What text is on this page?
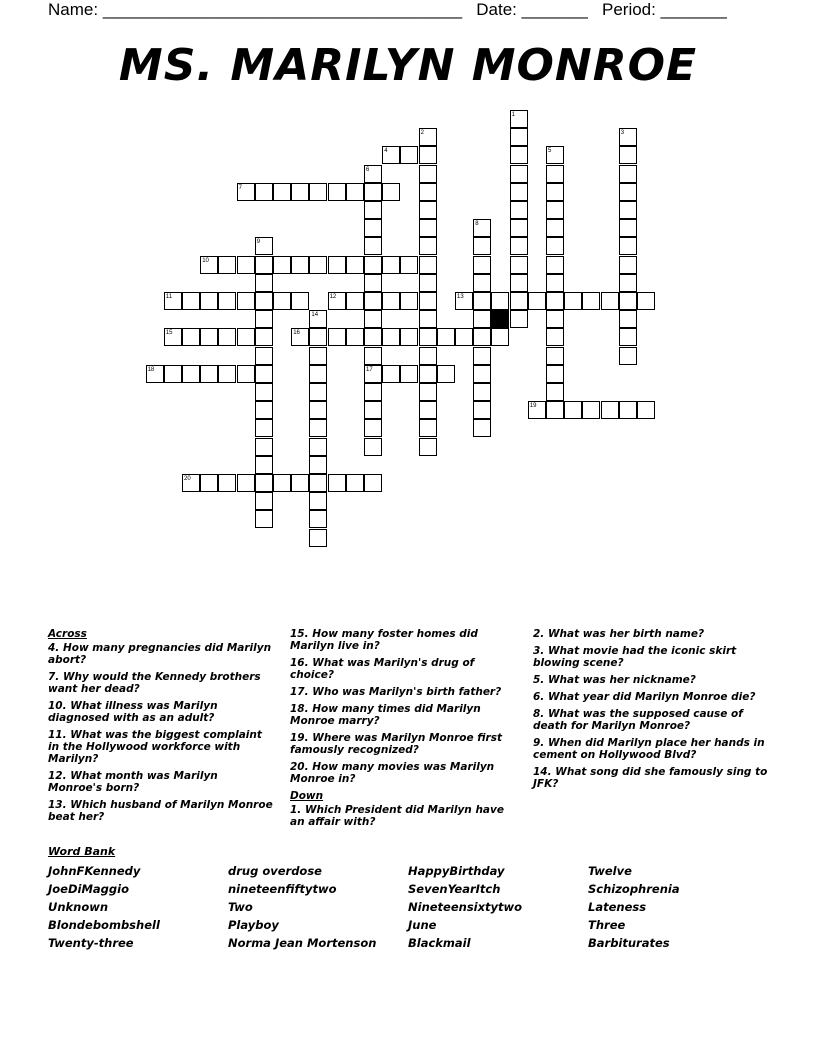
Name: ______________________________________ Date: _______ Period: _______
MS. MARILYN MONROE
1
2	3
4	5
6
17
7
8
9
10
11	12	13
14
15	16
18
19
20
Across
4. How many pregnancies did Marilyn abort?
7. Why would the Kennedy brothers want her dead?
10. What illness was Marilyn diagnosed with as an adult?
11. What was the biggest complaint in the Hollywood workforce with Marilyn?
12. What month was Marilyn Monroe's born?
13. Which husband of Marilyn Monroe beat her?
15. How many foster homes did Marilyn live in?
16. What was Marilyn's drug of choice?
17. Who was Marilyn's birth father?
18. How many times did Marilyn Monroe marry?
19. Where was Marilyn Monroe first famously recognized?
20. How many movies was Marilyn Monroe in?
Down
1. Which President did Marilyn have an affair with?
2. What was her birth name?
3. What movie had the iconic skirt blowing scene?
5. What was her nickname?
6. What year did Marilyn Monroe die?
8. What was the supposed cause of death for Marilyn Monroe?
9. When did Marilyn place her hands in cement on Hollywood Blvd?
14. What song did she famously sing to JFK?
Word Bank
JohnFKennedy	drug overdose	HappyBirthday	Twelve
JoeDiMaggio	nineteenfiftytwo	SevenYearItch	Schizophrenia
Unknown	Two	Nineteensixtytwo	Lateness
Blondebombshell	Playboy	June	Three
Twenty-three	Norma Jean Mortenson	Blackmail	Barbiturates
